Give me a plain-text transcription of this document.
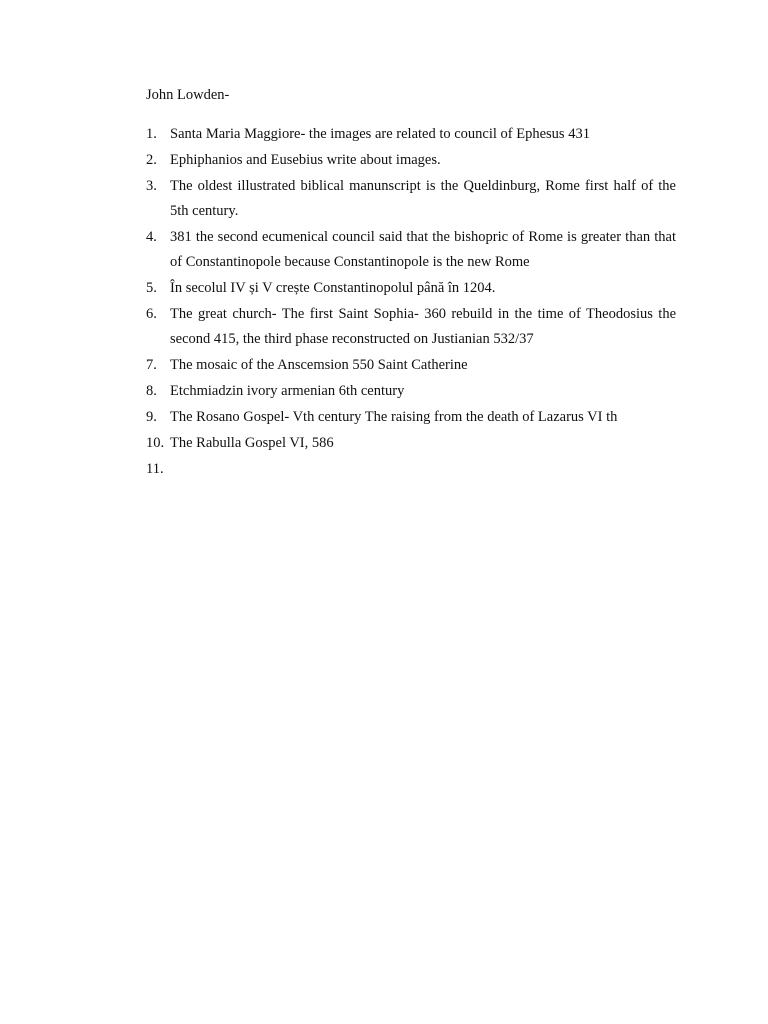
John Lowden-
1. Santa Maria Maggiore- the images are related to council of Ephesus 431
2. Ephiphanios and Eusebius write about images.
3. The oldest illustrated biblical manunscript is the Queldinburg, Rome first half of the 5th century.
4. 381 the second ecumenical council said that the bishopric of Rome is greater than that of Constantinopole because Constantinopole is the new Rome
5. În secolul IV și V crește Constantinopolul până în 1204.
6. The great church- The first Saint Sophia- 360 rebuild in the time of Theodosius the second 415, the third phase reconstructed on Justianian 532/37
7. The mosaic of the Anscemsion 550 Saint Catherine
8. Etchmiadzin ivory armenian 6th century
9. The Rosano Gospel- Vth century The raising from the death of Lazarus VI th
10. The Rabulla Gospel VI, 586
11.
